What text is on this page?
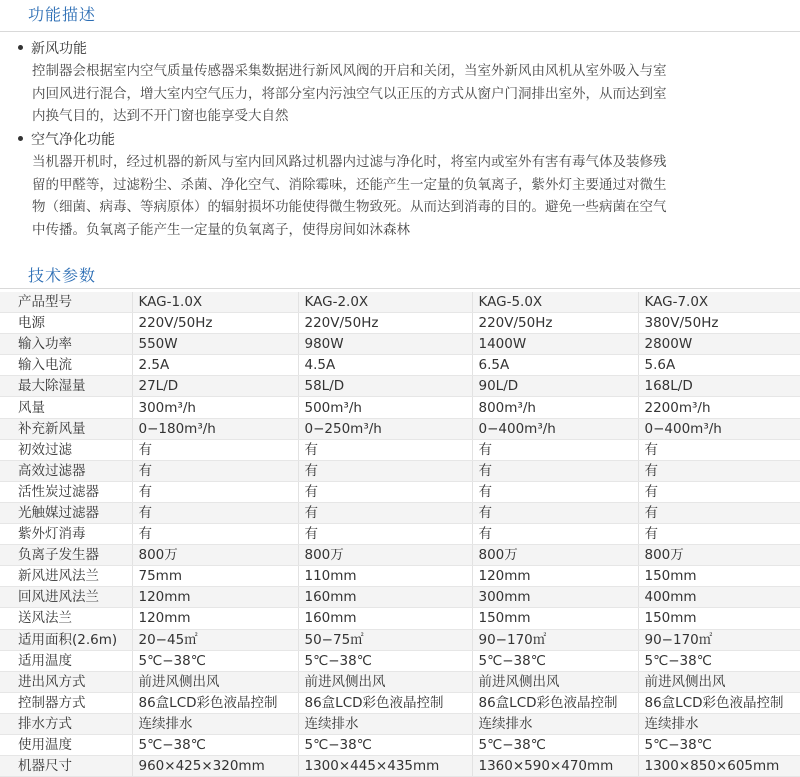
功能描述
新风功能
控制器会根据室内空气质量传感器采集数据进行新风风阀的开启和关闭，当室外新风由风机从室外吸入与室内回风进行混合，增大室内空气压力，将部分室内污浊空气以正压的方式从窗户门洞排出室外，从而达到室内换气目的，达到不开门窗也能享受大自然
空气净化功能
当机器开机时，经过机器的新风与室内回风路过机器内过滤与净化时，将室内或室外有害有毒气体及装修残留的甲醛等，过滤粉尘、杀菌、净化空气、消除霉味，还能产生一定量的负氧离子，紫外灯主要通过对微生物（细菌、病毒、等病原体）的辐射损坏功能使得微生物致死。从而达到消毒的目的。避免一些病菌在空气中传播。负氧离子能产生一定量的负氧离子，使得房间如沐森林
技术参数
产品型号	KAG-1.0X	KAG-2.0X	KAG-5.0X	KAG-7.0X
电源	220V/50Hz	220V/50Hz	220V/50Hz	380V/50Hz
输入功率	550W	980W	1400W	2800W
输入电流	2.5A	4.5A	6.5A	5.6A
最大除湿量	27L/D	58L/D	90L/D	168L/D
风量	300m³/h	500m³/h	800m³/h	2200m³/h
补充新风量	0−180m³/h	0−250m³/h	0−400m³/h	0−400m³/h
初效过滤	有	有	有	有
高效过滤器	有	有	有	有
活性炭过滤器	有	有	有	有
光触媒过滤器	有	有	有	有
紫外灯消毒	有	有	有	有
负离子发生器	800万	800万	800万	800万
新风进风法兰	75mm	110mm	120mm	150mm
回风进风法兰	120mm	160mm	300mm	400mm
送风法兰	120mm	160mm	150mm	150mm
适用面积(2.6m)	20−45㎡	50−75㎡	90−170㎡	90−170㎡
适用温度	5℃−38℃	5℃−38℃	5℃−38℃	5℃−38℃
进出风方式	前进风侧出风	前进风侧出风	前进风侧出风	前进风侧出风
控制器方式	86盒LCD彩色液晶控制	86盒LCD彩色液晶控制	86盒LCD彩色液晶控制	86盒LCD彩色液晶控制
排水方式	连续排水	连续排水	连续排水	连续排水
使用温度	5℃−38℃	5℃−38℃	5℃−38℃	5℃−38℃
机器尺寸	960×425×320mm	1300×445×435mm	1360×590×470mm	1300×850×605mm
